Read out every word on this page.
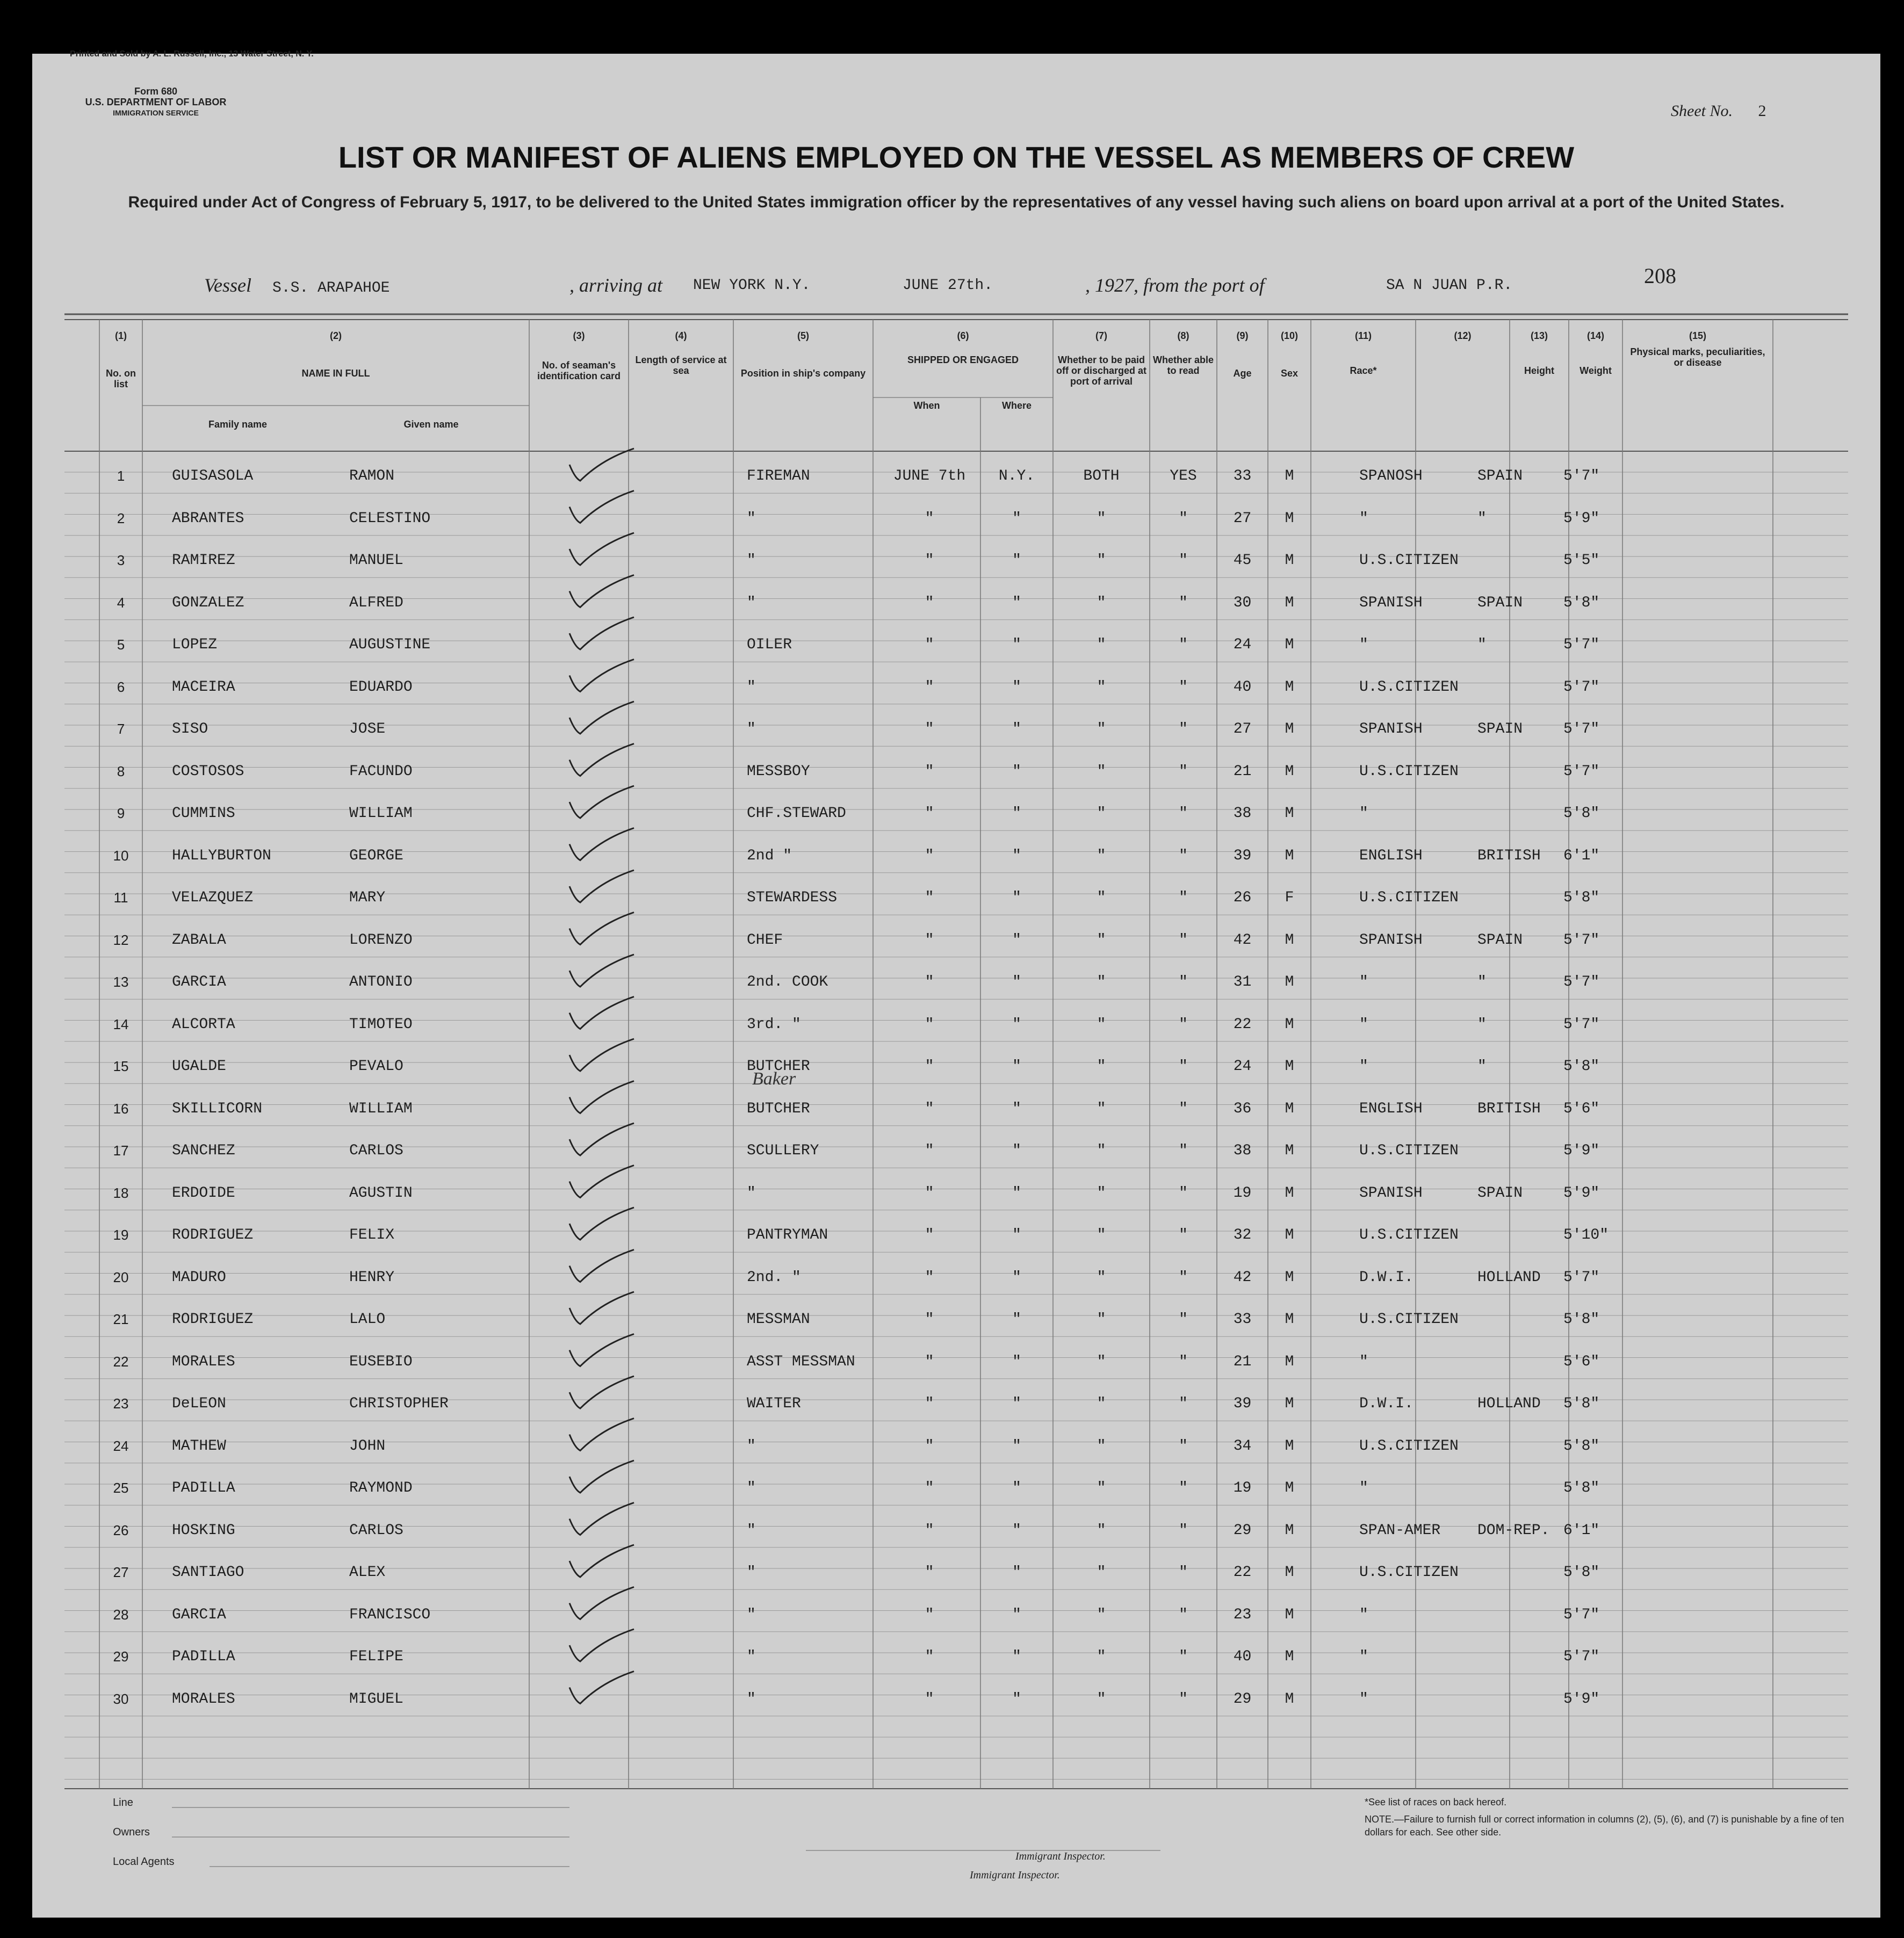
Printed and Sold by A. L. Russell, Inc., 13 Water Street, N. Y.
Form 680
U.S. DEPARTMENT OF LABOR
IMMIGRATION SERVICE	Sheet No. 2
LIST OR MANIFEST OF ALIENS EMPLOYED ON THE VESSEL AS MEMBERS OF CREW
Required under Act of Congress of February 5, 1917, to be delivered to the United States immigration officer by the representatives of any vessel having such aliens on board upon arrival at a port of the United States.
Vessel S.S. ARAPAHOE	, arriving at NEW YORK N.Y.	JUNE 27th.	, 1927, from the port of	SA N JUAN P.R.	208
(1)	(2)	(3)	(4)	(5)	(6)	(7)	(8)	(9)	(10)	(11)	(12)	(13)	(14)	(15)
No. on list
NAME IN FULL
Family name	Given name
No. of seaman's identification card
Length of service at sea	Position in ship's company
SHIPPED OR ENGAGED
When	Where
Whether to be paid off or discharged at port of arrival
Whether able to read	Age	Sex	Race*	Height	Weight
Physical marks, peculiarities, or disease
1	GUISASOLA	RAMON	FIREMAN	JUNE 7th	N.Y.	BOTH	YES	33	M	SPANOSH	SPAIN	5'7"
2	ABRANTES	CELESTINO	"	"	"	"	"	27	M	"	"	5'9"
3	RAMIREZ	MANUEL	"	"	"	"	"	45	M	U.S.CITIZEN	5'5"
4	GONZALEZ	ALFRED	"	"	"	"	"	30	M	SPANISH	SPAIN	5'8"
5	LOPEZ	AUGUSTINE	OILER	"	"	"	"	24	M	"	"	5'7"
6	MACEIRA	EDUARDO	"	"	"	"	"	40	M	U.S.CITIZEN	5'7"
7	SISO	JOSE	"	"	"	"	"	27	M	SPANISH	SPAIN	5'7"
8	COSTOSOS	FACUNDO	MESSBOY	"	"	"	"	21	M	U.S.CITIZEN	5'7"
9	CUMMINS	WILLIAM	CHF.STEWARD	"	"	"	"	38	M	"	5'8"
10	HALLYBURTON	GEORGE	2nd "	"	"	"	"	39	M	ENGLISH	BRITISH 6'1"
11	VELAZQUEZ	MARY	STEWARDESS	"	"	"	"	26	F	U.S.CITIZEN	5'8"
12	ZABALA	LORENZO	CHEF	"	"	"	"	42	M	SPANISH	SPAIN	5'7"
13	GARCIA	ANTONIO	2nd. COOK	"	"	"	"	31	M	"	"	5'7"
14	ALCORTA	TIMOTEO	3rd. "	"	"	"	"	22	M	"	"	5'7"
15	UGALDE	PEVALO	BUTCHER	"	"	"	"	24	M	"	"	5'8"
16	SKILLICORN	WILLIAM	BUTCHER	"	"	"	"	36	M	ENGLISH	BRITISH 5'6"
17	SANCHEZ	CARLOS	SCULLERY	"	"	"	"	38	M	U.S.CITIZEN	5'9"
18	ERDOIDE	AGUSTIN	"	"	"	"	"	19	M	SPANISH	SPAIN	5'9"
19	RODRIGUEZ	FELIX	PANTRYMAN	"	"	"	"	32	M	U.S.CITIZEN	5'10"
20	MADURO	HENRY	2nd. "	"	"	"	"	42	M	D.W.I.	HOLLAND 5'7"
21	RODRIGUEZ	LALO	MESSMAN	"	"	"	"	33	M	U.S.CITIZEN	5'8"
22	MORALES	EUSEBIO	ASST MESSMAN	"	"	"	"	21	M	"	5'6"
23	DeLEON	CHRISTOPHER	WAITER	"	"	"	"	39	M	D.W.I.	HOLLAND 5'8"
24	MATHEW	JOHN	"	"	"	"	"	34	M	U.S.CITIZEN	5'8"
25	PADILLA	RAYMOND	"	"	"	"	"	19	M	"	5'8"
26	HOSKING	CARLOS	"	"	"	"	"	29	M	SPAN-AMER DOM-REP. 6'1"
27	SANTIAGO	ALEX	"	"	"	"	"	22	M	U.S.CITIZEN	5'8"
28	GARCIA	FRANCISCO	"	"	"	"	"	23	M	"	5'7"
29	PADILLA	FELIPE	"	"	"	"	"	40	M	"	5'7"
30	MORALES	MIGUEL	"	"	"	"	"	29	M	"	5'9"
Baker
Line
Owners
Local Agents	Immigrant Inspector.
Immigrant Inspector.
*See list of races on back hereof.
NOTE.—Failure to furnish full or correct information in columns (2), (5), (6), and (7) is punishable by a fine of ten dollars for each. See other side.
